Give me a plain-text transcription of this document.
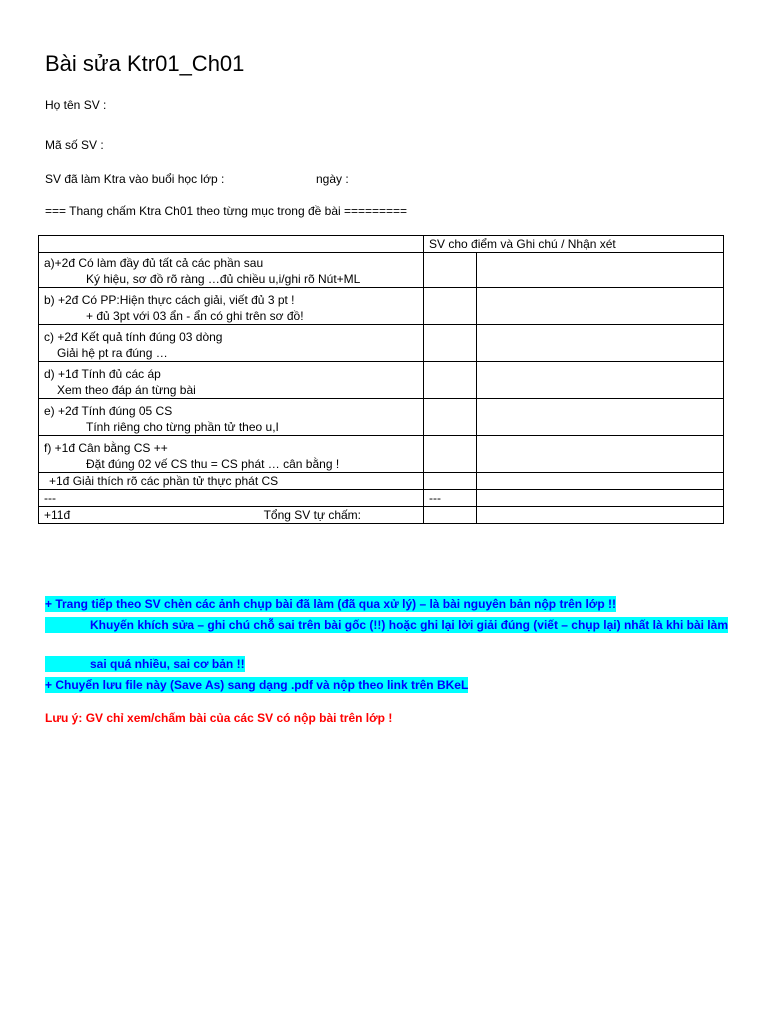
Bài sửa Ktr01_Ch01
Họ tên SV :
Mã số SV :
SV đã làm Ktra vào buổi học lớp :	ngày :
=== Thang chấm Ktra Ch01 theo từng mục trong đề bài =========
	SV cho điểm và Ghi chú / Nhận xét	
a)+2đ Có làm đầy đủ tất cả các phần sau		
Ký hiệu, sơ đồ rõ ràng …đủ chiều u,i/ghi rõ Nút+ML		
b) +2đ Có PP:Hiện thực cách giải, viết đủ 3 pt !		
+ đủ 3pt với 03 ẩn - ẩn có ghi trên sơ đồ!		
c) +2đ Kết quả tính đúng 03 dòng		
Giải hệ pt ra đúng …		
d) +1đ Tính đủ các áp		
Xem theo đáp án từng bài		
e) +2đ Tính đúng 05 CS		
Tính riêng cho từng phần tử theo u,I		
f) +1đ Cân bằng CS ++		
Đặt đúng 02 vế CS thu = CS phát … cân bằng !		
+1đ Giải thích rõ các phần tử thực phát CS		
---	---	
+11đ Tổng SV tự chấm:		

+ Trang tiếp theo SV chèn các ảnh chụp bài đã làm (đã qua xử lý) – là bài nguyên bản nộp trên lớp !!
Khuyến khích sửa – ghi chú chỗ sai trên bài gốc (!!) hoặc ghi lại lời giải đúng (viết – chụp lại) nhất là khi bài làm
sai quá nhiều, sai cơ bản !!
+ Chuyển lưu file này (Save As) sang dạng .pdf và nộp theo link trên BKeL
Lưu ý: GV chỉ xem/chấm bài của các SV có nộp bài trên lớp !
